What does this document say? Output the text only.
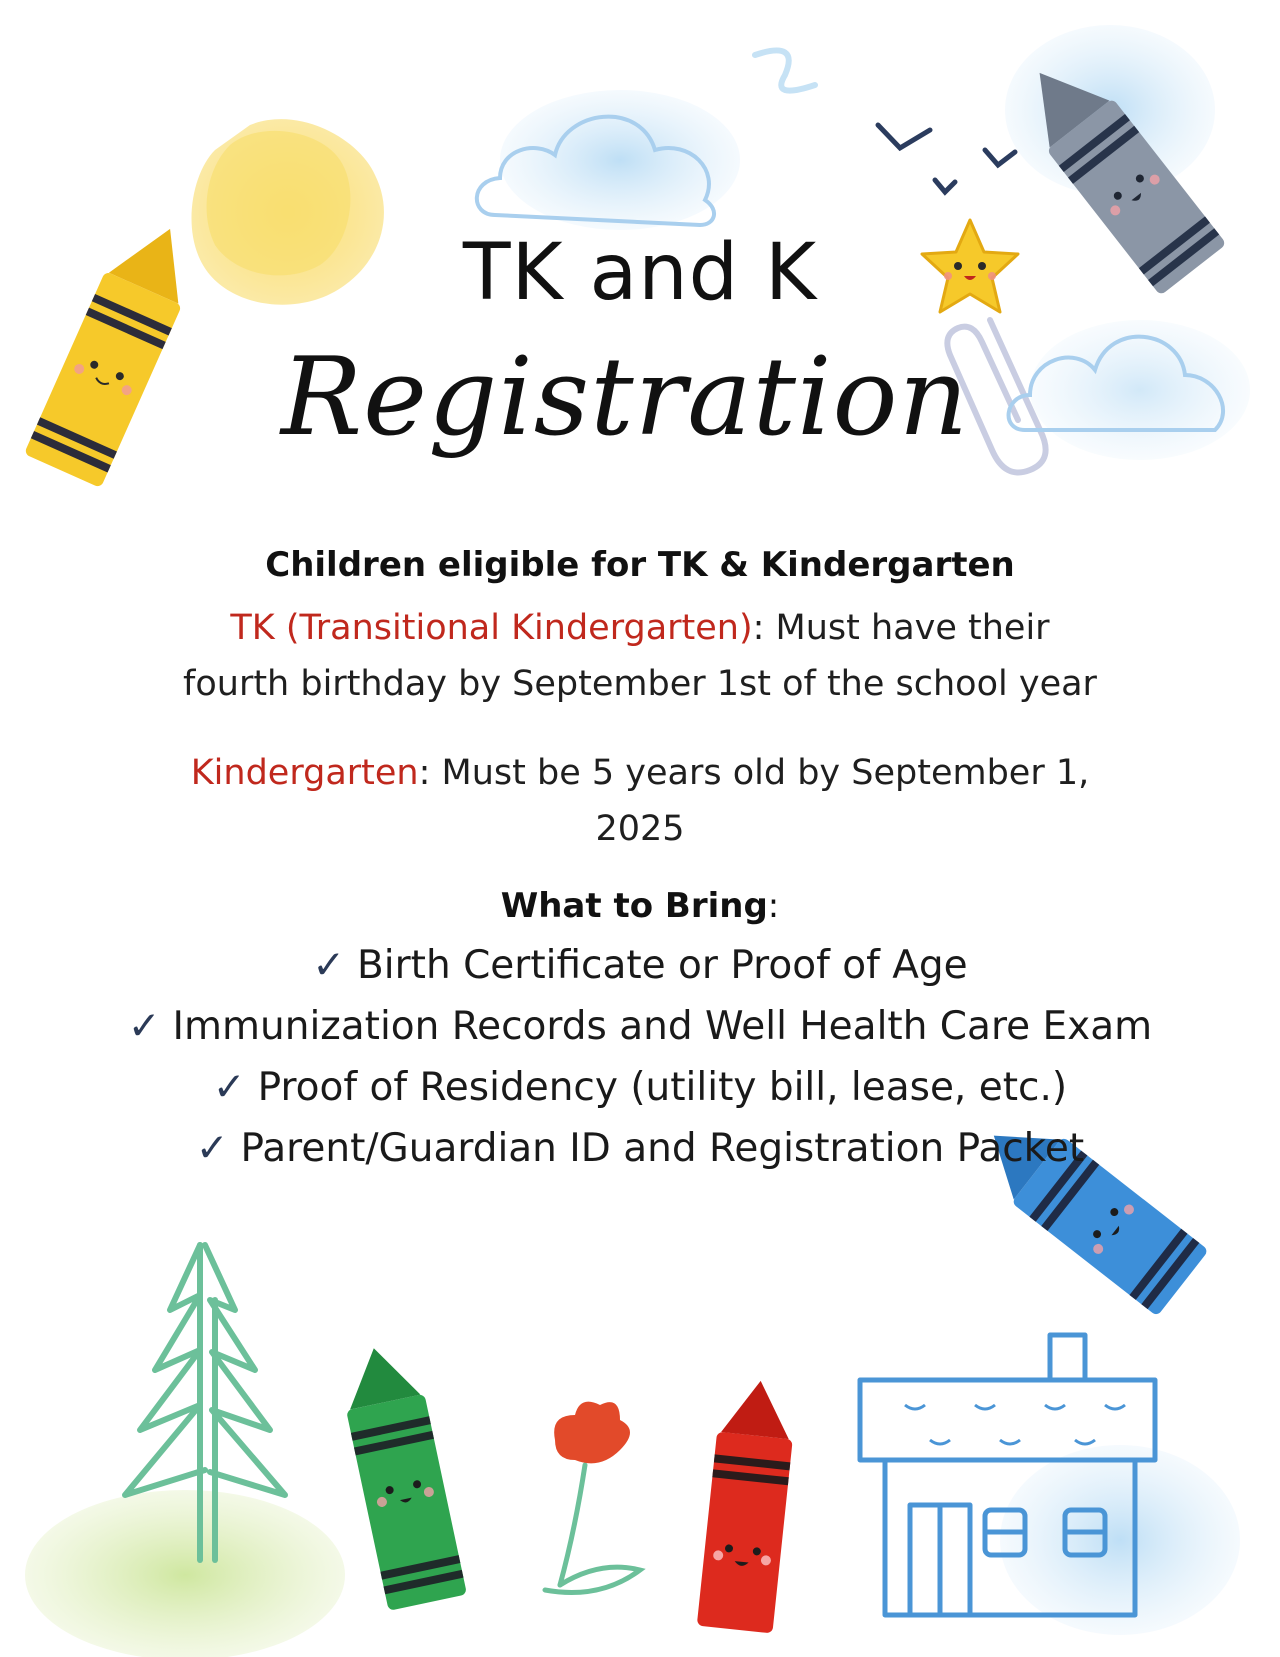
TK and K
Registration
Children eligible for TK & Kindergarten
TK (Transitional Kindergarten): Must have their
fourth birthday by September 1st of the school year
Kindergarten: Must be 5 years old by September 1,
2025
What to Bring:
✓ Birth Certificate or Proof of Age
✓ Immunization Records and Well Health Care Exam
✓ Proof of Residency (utility bill, lease, etc.)
✓ Parent/Guardian ID and Registration Packet
